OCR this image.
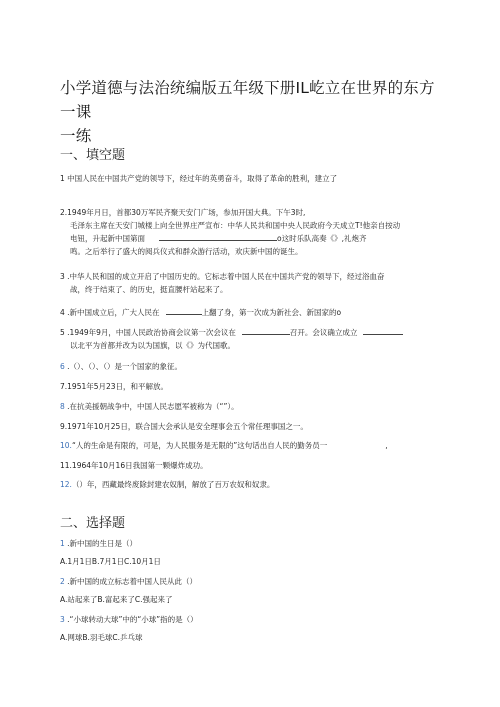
小学道德与法治统编版五年级下册IL屹立在世界的东方一课
一练
一、填空题
1 中国人民在中国共产党的领导下，经过年的英勇奋斗，取得了革命的胜利，建立了
2.1949年月日，首都30万军民齐聚天安门广场，参加开国大典。下午3时,
毛泽东主席在天安门城楼上向全世界庄严宣布：中华人民共和国中央人民政府今天成立T!他亲自按动
电钮，升起新中国第面	o这时乐队高奏《》,礼炮齐
鸣。之后举行了盛大的阅兵仪式和群众游行活动，欢庆新中国的诞生。
3 .中华人民和国的成立开启了中国历史的。它标志着中国人民在中国共产党的领导下，经过浴血奋
战，终于结束了、的历史，挺直腰杆站起来了。
4 .新中国成立后，广大人民在	上翻了身，第一次成为新社会、新国家的o
5 .1949年9月，中国人民政治协商会议第一次会议在	召开。会议确立成立
以北平为首都并改为以为国旗，以《》为代国歌。
6 .（）、（）、（）是一个国家的象征。
7.1951年5月23日，和平解放。
8 .在抗美援朝战争中，中国人民志愿军被称为（“”）。
9.1971年10月25日，联合国大会承认是安全理事会五个常任理事国之一。
10.“人的生命是有限的，可是，为人民服务是无限的”这句话出自人民的勤务员一	,
11.1964年10月16日我国第一颗爆炸成功。
12.（）年，西藏最终废除封建农奴制，解放了百万农奴和奴隶。
二、选择题
1 .新中国的生日是（）
A.1月1日B.7月1日C.10月1日
2 .新中国的成立标志着中国人民从此（）
A.站起来了B.富起来了C.强起来了
3 .“小球转动大球”中的“小球”指的是（）
A.网球B.羽毛球C.乒乓球
